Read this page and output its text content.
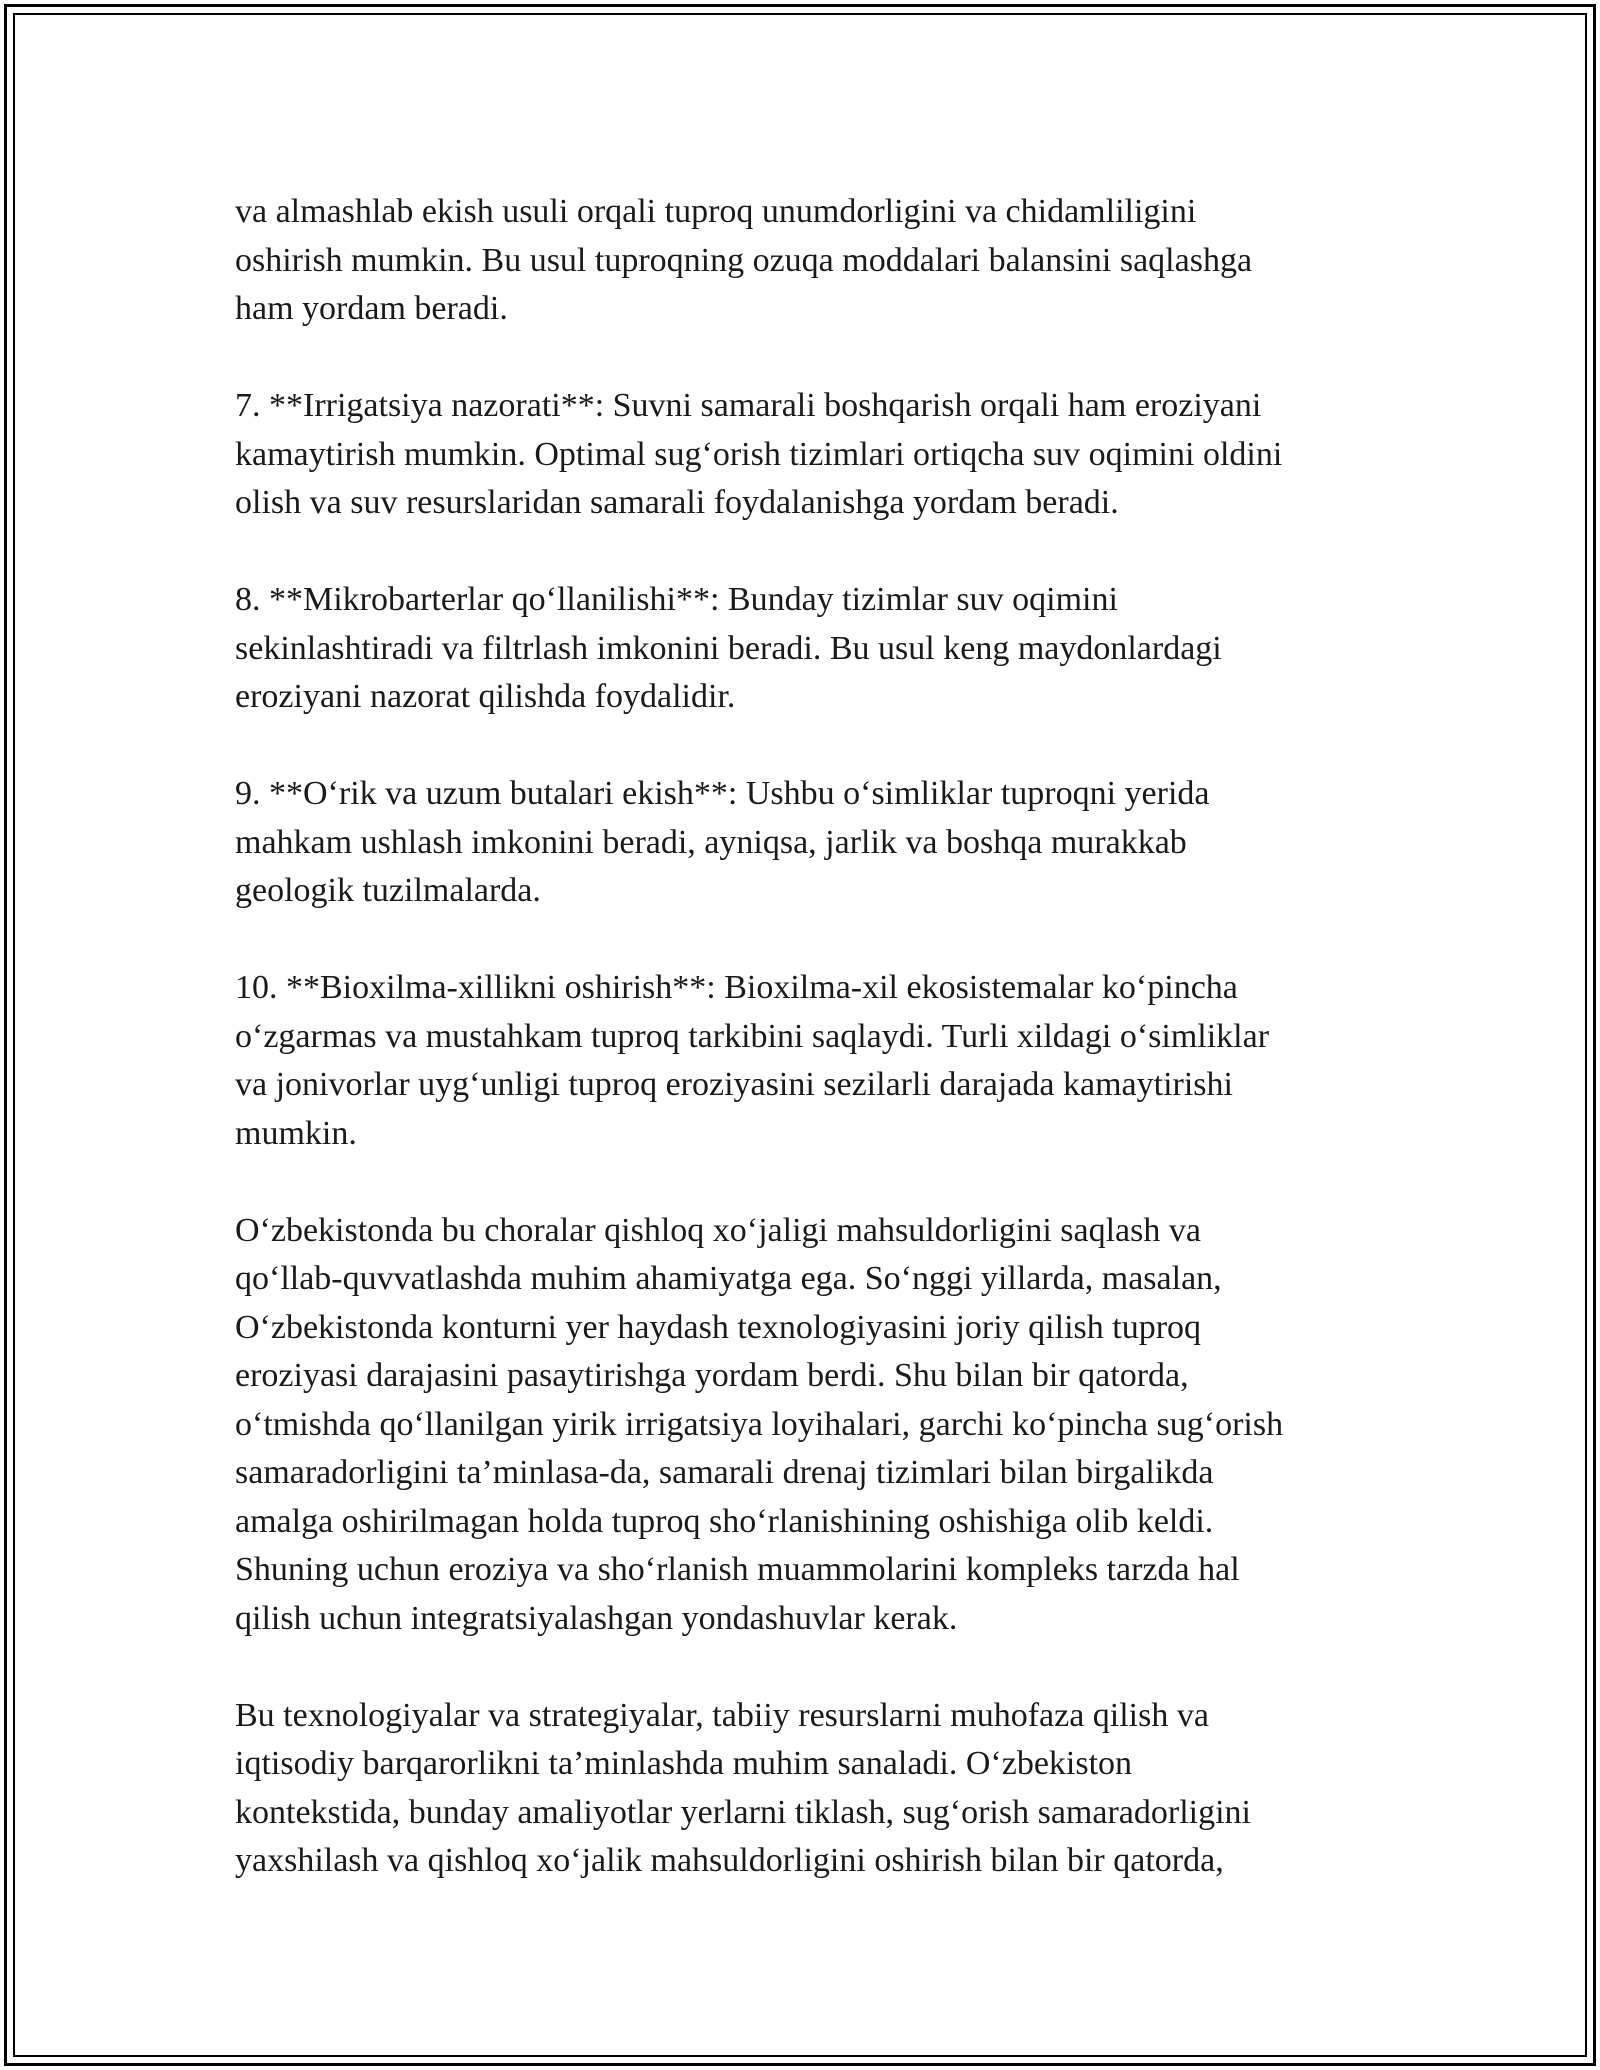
va almashlab ekish usuli orqali tuproq unumdorligini va chidamliligini
oshirish mumkin. Bu usul tuproqning ozuqa moddalari balansini saqlashga
ham yordam beradi.

7. **Irrigatsiya nazorati**: Suvni samarali boshqarish orqali ham eroziyani
kamaytirish mumkin. Optimal sug‘orish tizimlari ortiqcha suv oqimini oldini
olish va suv resurslaridan samarali foydalanishga yordam beradi.

8. **Mikrobarterlar qo‘llanilishi**: Bunday tizimlar suv oqimini
sekinlashtiradi va filtrlash imkonini beradi. Bu usul keng maydonlardagi
eroziyani nazorat qilishda foydalidir.

9. **O‘rik va uzum butalari ekish**: Ushbu o‘simliklar tuproqni yerida
mahkam ushlash imkonini beradi, ayniqsa, jarlik va boshqa murakkab
geologik tuzilmalarda.

10. **Bioxilma-xillikni oshirish**: Bioxilma-xil ekosistemalar ko‘pincha
o‘zgarmas va mustahkam tuproq tarkibini saqlaydi. Turli xildagi o‘simliklar
va jonivorlar uyg‘unligi tuproq eroziyasini sezilarli darajada kamaytirishi
mumkin.

O‘zbekistonda bu choralar qishloq xo‘jaligi mahsuldorligini saqlash va
qo‘llab-quvvatlashda muhim ahamiyatga ega. So‘nggi yillarda, masalan,
O‘zbekistonda konturni yer haydash texnologiyasini joriy qilish tuproq
eroziyasi darajasini pasaytirishga yordam berdi. Shu bilan bir qatorda,
o‘tmishda qo‘llanilgan yirik irrigatsiya loyihalari, garchi ko‘pincha sug‘orish
samaradorligini ta’minlasa-da, samarali drenaj tizimlari bilan birgalikda
amalga oshirilmagan holda tuproq sho‘rlanishining oshishiga olib keldi.
Shuning uchun eroziya va sho‘rlanish muammolarini kompleks tarzda hal
qilish uchun integratsiyalashgan yondashuvlar kerak.

Bu texnologiyalar va strategiyalar, tabiiy resurslarni muhofaza qilish va
iqtisodiy barqarorlikni ta’minlashda muhim sanaladi. O‘zbekiston
kontekstida, bunday amaliyotlar yerlarni tiklash, sug‘orish samaradorligini
yaxshilash va qishloq xo‘jalik mahsuldorligini oshirish bilan bir qatorda,
